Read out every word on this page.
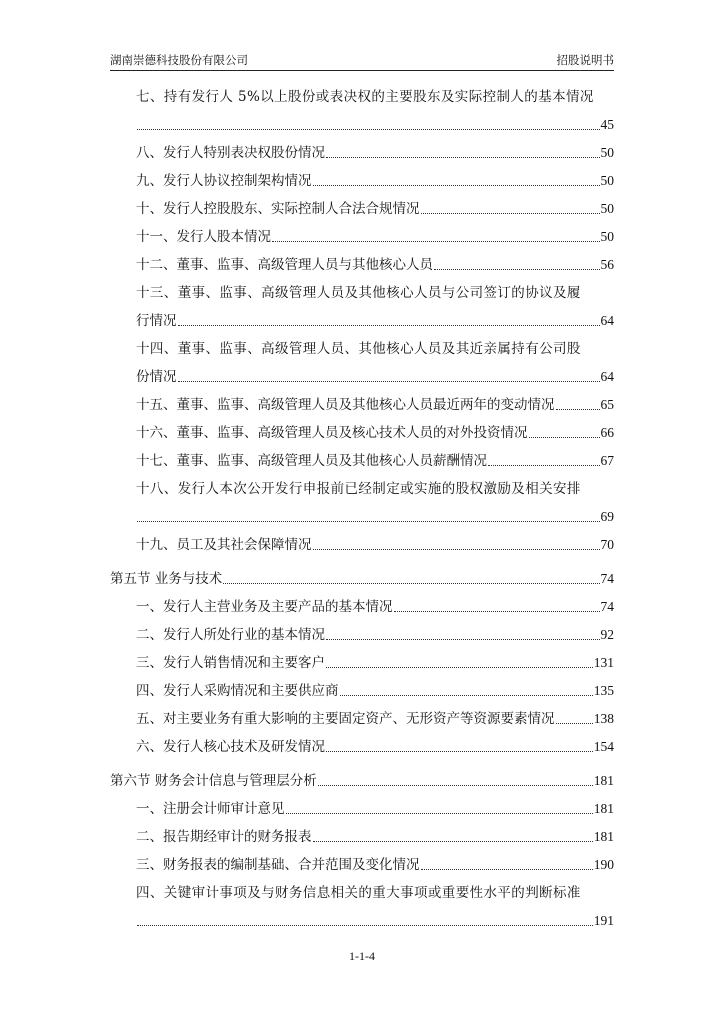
湖南崇德科技股份有限公司	招股说明书
七、持有发行人 5%以上股份或表决权的主要股东及实际控制人的基本情况
45
八、发行人特别表决权股份情况	50
九、发行人协议控制架构情况	50
十、发行人控股股东、实际控制人合法合规情况	50
十一、发行人股本情况	50
十二、董事、监事、高级管理人员与其他核心人员	56
十三、董事、监事、高级管理人员及其他核心人员与公司签订的协议及履
行情况	64
十四、董事、监事、高级管理人员、其他核心人员及其近亲属持有公司股
份情况	64
十五、董事、监事、高级管理人员及其他核心人员最近两年的变动情况	65
十六、董事、监事、高级管理人员及核心技术人员的对外投资情况	66
十七、董事、监事、高级管理人员及其他核心人员薪酬情况	67
十八、发行人本次公开发行申报前已经制定或实施的股权激励及相关安排
69
十九、员工及其社会保障情况	70
第五节 业务与技术	74
一、发行人主营业务及主要产品的基本情况	74
二、发行人所处行业的基本情况	92
三、发行人销售情况和主要客户	131
四、发行人采购情况和主要供应商	135
五、对主要业务有重大影响的主要固定资产、无形资产等资源要素情况	138
六、发行人核心技术及研发情况	154
第六节 财务会计信息与管理层分析	181
一、注册会计师审计意见	181
二、报告期经审计的财务报表	181
三、财务报表的编制基础、合并范围及变化情况	190
四、关键审计事项及与财务信息相关的重大事项或重要性水平的判断标准
191
1-1-4
